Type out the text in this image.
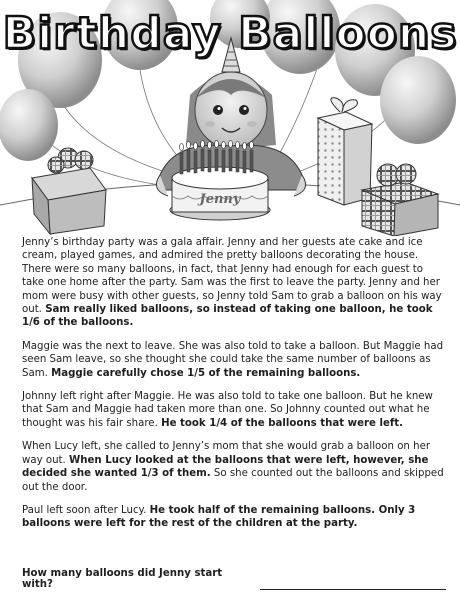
Jenny
Birthday Balloons

Jenny’s birthday party was a gala affair. Jenny and her guests ate cake and ice cream, played games, and admired the pretty balloons decorating the house. There were so many balloons, in fact, that Jenny had enough for each guest to take one home after the party. Sam was the first to leave the party. Jenny and her mom were busy with other guests, so Jenny told Sam to grab a balloon on his way out. Sam really liked balloons, so instead of taking one balloon, he took 1/6 of the balloons.

Maggie was the next to leave. She was also told to take a balloon. But Maggie had seen Sam leave, so she thought she could take the same number of balloons as Sam. Maggie carefully chose 1/5 of the remaining balloons.

Johnny left right after Maggie. He was also told to take one balloon. But he knew that Sam and Maggie had taken more than one. So Johnny counted out what he thought was his fair share. He took 1/4 of the balloons that were left.

When Lucy left, she called to Jenny’s mom that she would grab a balloon on her way out. When Lucy looked at the balloons that were left, however, she decided she wanted 1/3 of them. So she counted out the balloons and skipped out the door.

Paul left soon after Lucy. He took half of the remaining balloons. Only 3 balloons were left for the rest of the children at the party.

How many balloons did Jenny start with?
